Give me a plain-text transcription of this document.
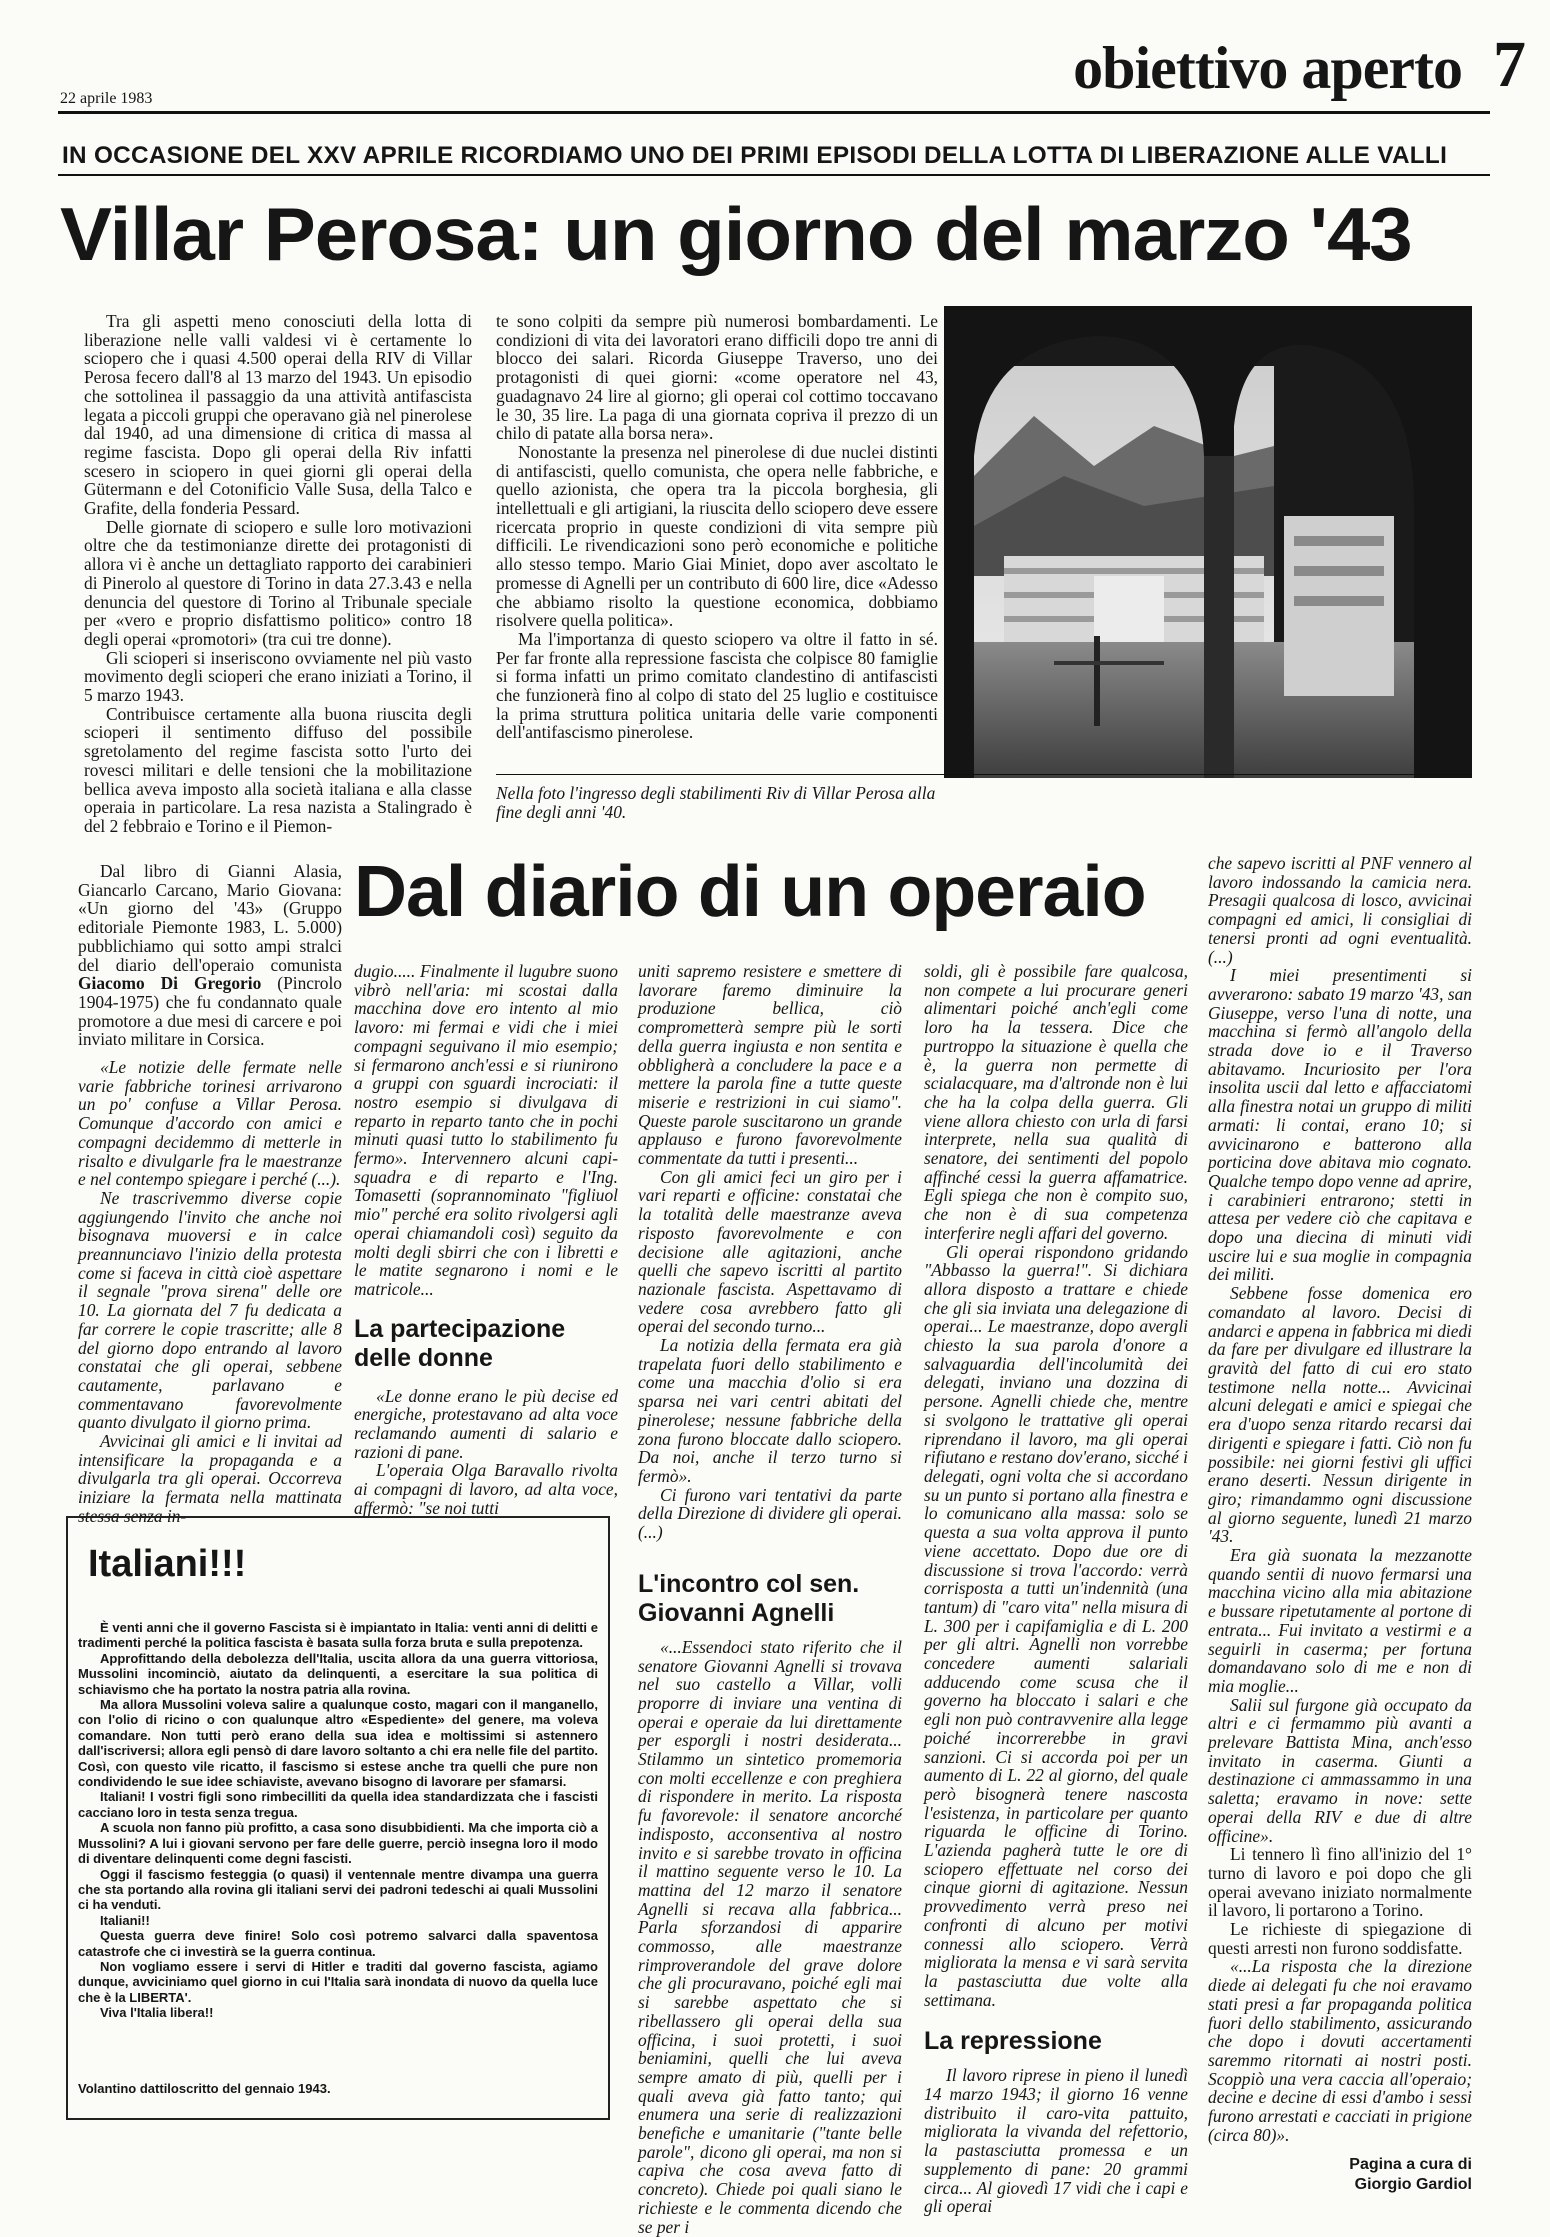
22 aprile 1983	obiettivo aperto 7
IN OCCASIONE DEL XXV APRILE RICORDIAMO UNO DEI PRIMI EPISODI DELLA LOTTA DI LIBERAZIONE ALLE VALLI
Villar Perosa: un giorno del marzo '43

Tra gli aspetti meno conosciuti della lotta di liberazione nelle valli valdesi vi è certamente lo sciopero che i quasi 4.500 operai della RIV di Villar Perosa fecero dall'8 al 13 marzo del 1943. Un episodio che sottolinea il passaggio da una attività antifascista legata a piccoli gruppi che operavano già nel pinerolese dal 1940, ad una dimensione di critica di massa al regime fascista. Dopo gli operai della Riv infatti scesero in sciopero in quei giorni gli operai della Gütermann e del Cotonificio Valle Susa, della Talco e Grafite, della fonderia Pessard.

Delle giornate di sciopero e sulle loro motivazioni oltre che da testimonianze dirette dei protagonisti di allora vi è anche un dettagliato rapporto dei carabinieri di Pinerolo al questore di Torino in data 27.3.43 e nella denuncia del questore di Torino al Tribunale speciale per «vero e proprio disfattismo politico» contro 18 degli operai «promotori» (tra cui tre donne).

Gli scioperi si inseriscono ovviamente nel più vasto movimento degli scioperi che erano iniziati a Torino, il 5 marzo 1943.

Contribuisce certamente alla buona riuscita degli scioperi il sentimento diffuso del possibile sgretolamento del regime fascista sotto l'urto dei rovesci militari e delle tensioni che la mobilitazione bellica aveva imposto alla società italiana e alla classe operaia in particolare. La resa nazista a Stalingrado è del 2 febbraio e Torino e il Piemon-

te sono colpiti da sempre più numerosi bombardamenti. Le condizioni di vita dei lavoratori erano difficili dopo tre anni di blocco dei salari. Ricorda Giuseppe Traverso, uno dei protagonisti di quei giorni: «come operatore nel 43, guadagnavo 24 lire al giorno; gli operai col cottimo toccavano le 30, 35 lire. La paga di una giornata copriva il prezzo di un chilo di patate alla borsa nera».

Nonostante la presenza nel pinerolese di due nuclei distinti di antifascisti, quello comunista, che opera nelle fabbriche, e quello azionista, che opera tra la piccola borghesia, gli intellettuali e gli artigiani, la riuscita dello sciopero deve essere ricercata proprio in queste condizioni di vita sempre più difficili. Le rivendicazioni sono però economiche e politiche allo stesso tempo. Mario Giai Miniet, dopo aver ascoltato le promesse di Agnelli per un contributo di 600 lire, dice «Adesso che abbiamo risolto la questione economica, dobbiamo risolvere quella politica».

Ma l'importanza di questo sciopero va oltre il fatto in sé. Per far fronte alla repressione fascista che colpisce 80 famiglie si forma infatti un primo comitato clandestino di antifascisti che funzionerà fino al colpo di stato del 25 luglio e costituisce la prima struttura politica unitaria delle varie componenti dell'antifascismo pinerolese.

Nella foto l'ingresso degli stabilimenti Riv di Villar Perosa alla fine degli anni '40.

Dal libro di Gianni Alasia, Giancarlo Carcano, Mario Giovana: «Un giorno del '43» (Gruppo editoriale Piemonte 1983, L. 5.000) pubblichiamo qui sotto ampi stralci del diario dell'operaio comunista Giacomo Di Gregorio (Pincrolo 1904-1975) che fu condannato quale promotore a due mesi di carcere e poi inviato militare in Corsica.

Dal diario di un operaio

«Le notizie delle fermate nelle varie fabbriche torinesi arrivarono un po' confuse a Villar Perosa. Comunque d'accordo con amici e compagni decidemmo di metterle in risalto e divulgarle fra le maestranze e nel contempo spiegare i perché (...).

Ne trascrivemmo diverse copie aggiungendo l'invito che anche noi bisognava muoversi e in calce preannunciavo l'inizio della protesta come si faceva in città cioè aspettare il segnale "prova sirena" delle ore 10. La giornata del 7 fu dedicata a far correre le copie trascritte; alle 8 del giorno dopo entrando al lavoro constatai che gli operai, sebbene cautamente, parlavano e commentavano favorevolmente quanto divulgato il giorno prima.

Avvicinai gli amici e li invitai ad intensificare la propaganda e a divulgarla tra gli operai. Occorreva iniziare la fermata nella mattinata stessa senza in-

dugio..... Finalmente il lugubre suono vibrò nell'aria: mi scostai dalla macchina dove ero intento al mio lavoro: mi fermai e vidi che i miei compagni seguivano il mio esempio; si fermarono anch'essi e si riunirono a gruppi con sguardi incrociati: il nostro esempio si divulgava di reparto in reparto tanto che in pochi minuti quasi tutto lo stabilimento fu fermo». Intervennero alcuni capi-squadra e di reparto e l'Ing. Tomasetti (soprannominato "figliuol mio" perché era solito rivolgersi agli operai chiamandoli così) seguito da molti degli sbirri che con i libretti e le matite segnarono i nomi e le matricole...

La partecipazione delle donne

«Le donne erano le più decise ed energiche, protestavano ad alta voce reclamando aumenti di salario e razioni di pane.

L'operaia Olga Baravallo rivolta ai compagni di lavoro, ad alta voce, affermò: "se noi tutti

uniti sapremo resistere e smettere di lavorare faremo diminuire la produzione bellica, ciò comprometterà sempre più le sorti della guerra ingiusta e non sentita e obbligherà a concludere la pace e a mettere la parola fine a tutte queste miserie e restrizioni in cui siamo". Queste parole suscitarono un grande applauso e furono favorevolmente commentate da tutti i presenti...

Con gli amici feci un giro per i vari reparti e officine: constatai che la totalità delle maestranze aveva risposto favorevolmente e con decisione alle agitazioni, anche quelli che sapevo iscritti al partito nazionale fascista. Aspettavamo di vedere cosa avrebbero fatto gli operai del secondo turno...

La notizia della fermata era già trapelata fuori dello stabilimento e come una macchia d'olio si era sparsa nei vari centri abitati del pinerolese; nessune fabbriche della zona furono bloccate dallo sciopero. Da noi, anche il terzo turno si fermò».

Ci furono vari tentativi da parte della Direzione di dividere gli operai. (...)

L'incontro col sen. Giovanni Agnelli

«...Essendoci stato riferito che il senatore Giovanni Agnelli si trovava nel suo castello a Villar, volli proporre di inviare una ventina di operai e operaie da lui direttamente per esporgli i nostri desiderata... Stilammo un sintetico promemoria con molti eccellenze e con preghiera di rispondere in merito. La risposta fu favorevole: il senatore ancorché indisposto, acconsentiva al nostro invito e si sarebbe trovato in officina il mattino seguente verso le 10. La mattina del 12 marzo il senatore Agnelli si recava alla fabbrica... Parla sforzandosi di apparire commosso, alle maestranze rimproverandole del grave dolore che gli procuravano, poiché egli mai si sarebbe aspettato che si ribellassero gli operai della sua officina, i suoi protetti, i suoi beniamini, quelli che lui aveva sempre amato di più, quelli per i quali aveva già fatto tanto; qui enumera una serie di realizzazioni benefiche e umanitarie ("tante belle parole", dicono gli operai, ma non si capiva che cosa aveva fatto di concreto). Chiede poi quali siano le richieste e le commenta dicendo che se per i

soldi, gli è possibile fare qualcosa, non compete a lui procurare generi alimentari poiché anch'egli come loro ha la tessera. Dice che purtroppo la situazione è quella che è, la guerra non permette di scialacquare, ma d'altronde non è lui che ha la colpa della guerra. Gli viene allora chiesto con urla di farsi interprete, nella sua qualità di senatore, dei sentimenti del popolo affinché cessi la guerra affamatrice. Egli spiega che non è compito suo, che non è di sua competenza interferire negli affari del governo.

Gli operai rispondono gridando "Abbasso la guerra!". Si dichiara allora disposto a trattare e chiede che gli sia inviata una delegazione di operai... Le maestranze, dopo avergli chiesto la sua parola d'onore a salvaguardia dell'incolumità dei delegati, inviano una dozzina di persone. Agnelli chiede che, mentre si svolgono le trattative gli operai riprendano il lavoro, ma gli operai rifiutano e restano dov'erano, sicché i delegati, ogni volta che si accordano su un punto si portano alla finestra e lo comunicano alla massa: solo se questa a sua volta approva il punto viene accettato. Dopo due ore di discussione si trova l'accordo: verrà corrisposta a tutti un'indennità (una tantum) di "caro vita" nella misura di L. 300 per i capifamiglia e di L. 200 per gli altri. Agnelli non vorrebbe concedere aumenti salariali adducendo come scusa che il governo ha bloccato i salari e che egli non può contravvenire alla legge poiché incorrerebbe in gravi sanzioni. Ci si accorda poi per un aumento di L. 22 al giorno, del quale però bisognerà tenere nascosta l'esistenza, in particolare per quanto riguarda le officine di Torino. L'azienda pagherà tutte le ore di sciopero effettuate nel corso dei cinque giorni di agitazione. Nessun provvedimento verrà preso nei confronti di alcuno per motivi connessi allo sciopero. Verrà migliorata la mensa e vi sarà servita la pastasciutta due volte alla settimana.

La repressione

Il lavoro riprese in pieno il lunedì 14 marzo 1943; il giorno 16 venne distribuito il caro-vita pattuito, migliorata la vivanda del refettorio, la pastasciutta promessa e un supplemento di pane: 20 grammi circa... Al giovedì 17 vidi che i capi e gli operai

che sapevo iscritti al PNF vennero al lavoro indossando la camicia nera. Presagii qualcosa di losco, avvicinai compagni ed amici, li consigliai di tenersi pronti ad ogni eventualità. (...)

I miei presentimenti si avverarono: sabato 19 marzo '43, san Giuseppe, verso l'una di notte, una macchina si fermò all'angolo della strada dove io e il Traverso abitavamo. Incuriosito per l'ora insolita uscii dal letto e affacciatomi alla finestra notai un gruppo di militi armati: li contai, erano 10; si avvicinarono e batterono alla porticina dove abitava mio cognato. Qualche tempo dopo venne ad aprire, i carabinieri entrarono; stetti in attesa per vedere ciò che capitava e dopo una diecina di minuti vidi uscire lui e sua moglie in compagnia dei militi.

Sebbene fosse domenica ero comandato al lavoro. Decisi di andarci e appena in fabbrica mi diedi da fare per divulgare ed illustrare la gravità del fatto di cui ero stato testimone nella notte... Avvicinai alcuni delegati e amici e spiegai che era d'uopo senza ritardo recarsi dai dirigenti e spiegare i fatti. Ciò non fu possibile: nei giorni festivi gli uffici erano deserti. Nessun dirigente in giro; rimandammo ogni discussione al giorno seguente, lunedì 21 marzo '43.

Era già suonata la mezzanotte quando sentii di nuovo fermarsi una macchina vicino alla mia abitazione e bussare ripetutamente al portone di entrata... Fui invitato a vestirmi e a seguirli in caserma; per fortuna domandavano solo di me e non di mia moglie...

Salii sul furgone già occupato da altri e ci fermammo più avanti a prelevare Battista Mina, anch'esso invitato in caserma. Giunti a destinazione ci ammassammo in una saletta; eravamo in nove: sette operai della RIV e due di altre officine».

Li tennero lì fino all'inizio del 1° turno di lavoro e poi dopo che gli operai avevano iniziato normalmente il lavoro, li portarono a Torino.

Le richieste di spiegazione di questi arresti non furono soddisfatte.

«...La risposta che la direzione diede ai delegati fu che noi eravamo stati presi a far propaganda politica fuori dello stabilimento, assicurando che dopo i dovuti accertamenti saremmo ritornati ai nostri posti. Scoppiò una vera caccia all'operaio; decine e decine di essi d'ambo i sessi furono arrestati e cacciati in prigione (circa 80)».

Pagina a cura di
Giorgio Gardiol
Italiani!!!

È venti anni che il governo Fascista si è impiantato in Italia: venti anni di delitti e tradimenti perché la politica fascista è basata sulla forza bruta e sulla prepotenza.

Approfittando della debolezza dell'Italia, uscita allora da una guerra vittoriosa, Mussolini incominciò, aiutato da delinquenti, a esercitare la sua politica di schiavismo che ha portato la nostra patria alla rovina.

Ma allora Mussolini voleva salire a qualunque costo, magari con il manganello, con l'olio di ricino o con qualunque altro «Espediente» del genere, ma voleva comandare. Non tutti però erano della sua idea e moltissimi si astennero dall'iscriversi; allora egli pensò di dare lavoro soltanto a chi era nelle file del partito. Così, con questo vile ricatto, il fascismo si estese anche tra quelli che pure non condividendo le sue idee schiaviste, avevano bisogno di lavorare per sfamarsi.

Italiani! I vostri figli sono rimbecilliti da quella idea standardizzata che i fascisti cacciano loro in testa senza tregua.

A scuola non fanno più profitto, a casa sono disubbidienti. Ma che importa ciò a Mussolini? A lui i giovani servono per fare delle guerre, perciò insegna loro il modo di diventare delinquenti come degni fascisti.

Oggi il fascismo festeggia (o quasi) il ventennale mentre divampa una guerra che sta portando alla rovina gli italiani servi dei padroni tedeschi ai quali Mussolini ci ha venduti.

Italiani!!

Questa guerra deve finire! Solo così potremo salvarci dalla spaventosa catastrofe che ci investirà se la guerra continua.

Non vogliamo essere i servi di Hitler e traditi dal governo fascista, agiamo dunque, avviciniamo quel giorno in cui l'Italia sarà inondata di nuovo da quella luce che è la LIBERTA'.

Viva l'Italia libera!!

Volantino dattiloscritto del gennaio 1943.
